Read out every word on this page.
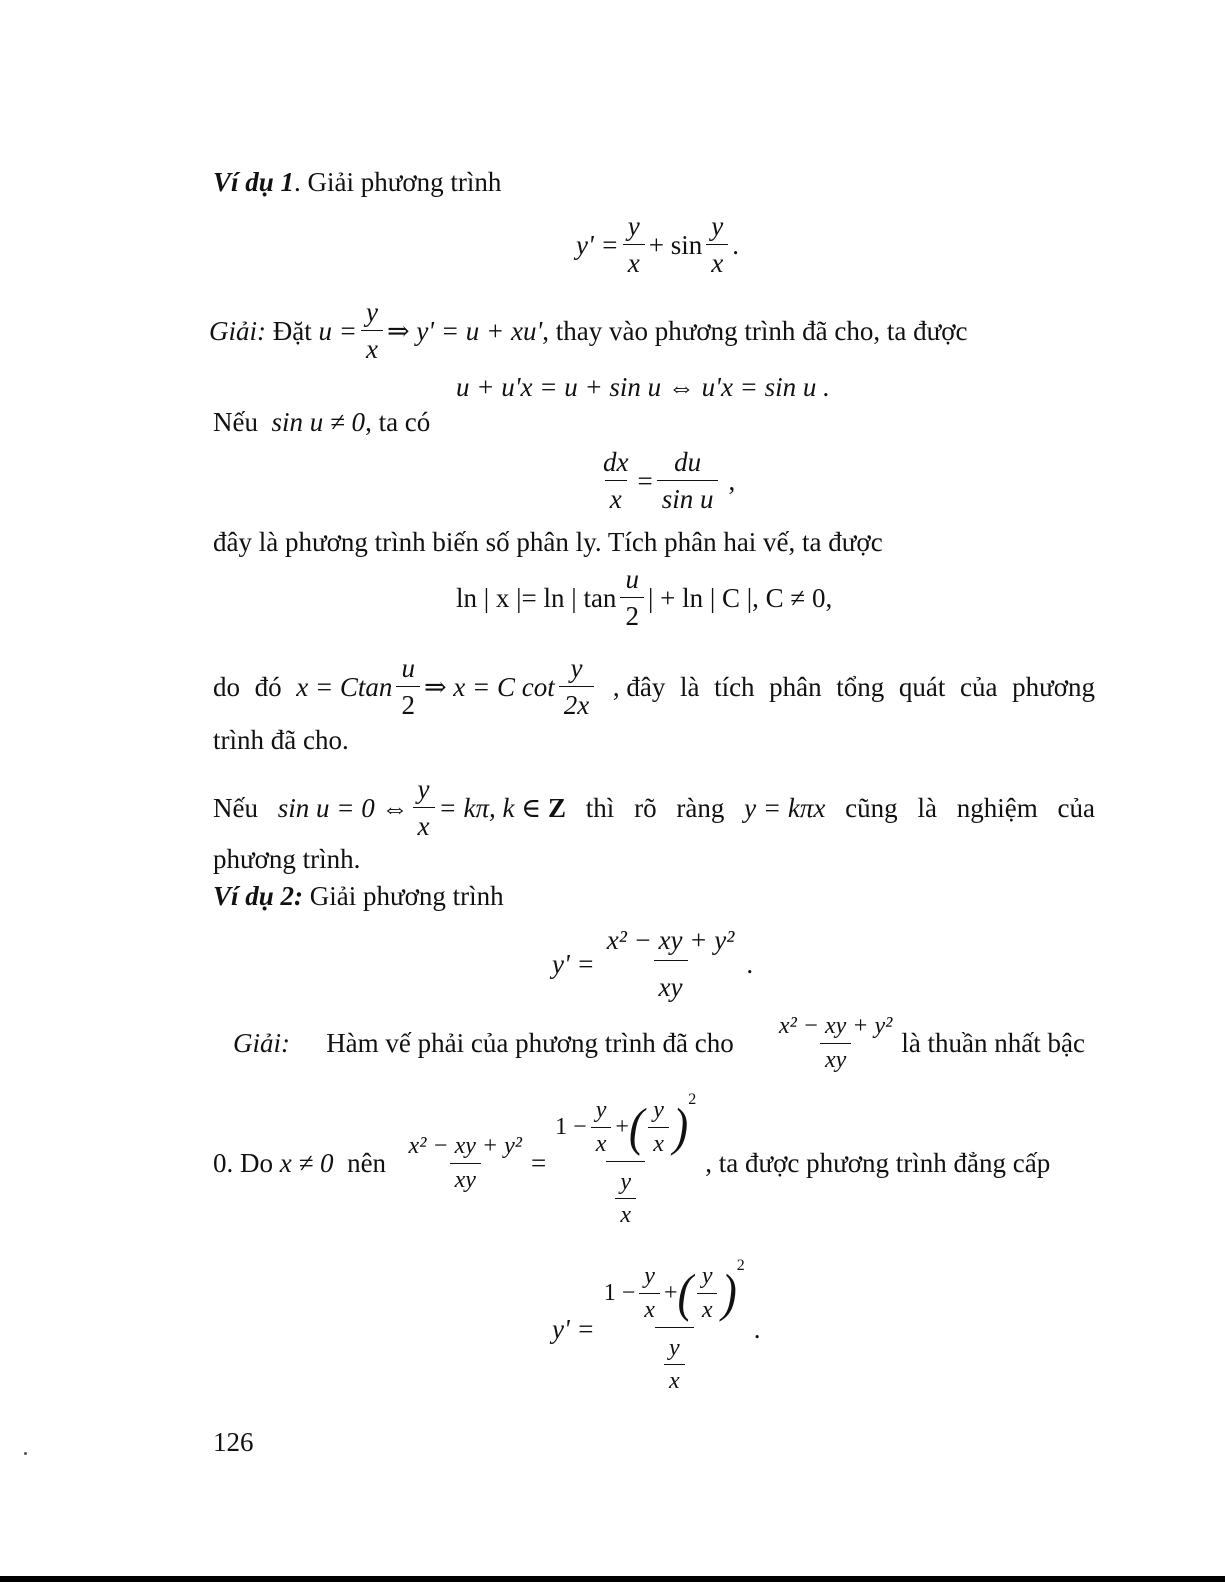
Ví dụ 1. Giải phương trình
$y' = \frac{y}{x} + \sin \frac{y}{x}$ .
Giải:
Đặt
$u = \frac{y}{x}$ ⇒ y' = u + xu' , thay vào phương trình đã cho, ta được
u + u'x = u + sin u ⇔ u'x = sin u .
Nếu sin u ≠ 0, ta có
$\frac{dx}{x} = \frac{du}{\text{sin u}}$ ,
đây là phương trình biến số phân ly. Tích phân hai vế, ta được
ln | x |= ln | $\tan \frac{u}{2}$ | + ln | C |, C ≠ 0,
do đó x = Ctan $\frac{u}{2}$ ⇒ x = C $\cot \frac{y}{2x}$ , đây là tích phân tổng quát của phương
trình đã cho.
Nếu sin u = 0 ⇔ $\frac{y}{x} = k\pi$, k ∈
Z thì rõ ràng y = kπx cũng là nghiệm của
phương trình.
Ví dụ 2: Giải phương trình
$y' = \frac{\text{x² − xy + y²}}{xy}$ .
Giải: Hàm vế phải của phương trình đã cho $\frac{\text{x² − xy + y²}}{xy}$ là thuần nhất bậc
0. Do
x ≠ 0
nên
$\frac{\text{x² − xy + y²}}{xy} = \frac{1 - \frac{y}{x} + ( \frac{y}{x} ) 2}{\frac{y}{x}}$ , ta được phương trình đẳng cấp
$y' = \frac{1 - \frac{y}{x} + ( \frac{y}{x} ) 2}{\frac{y}{x}}$ .
126
